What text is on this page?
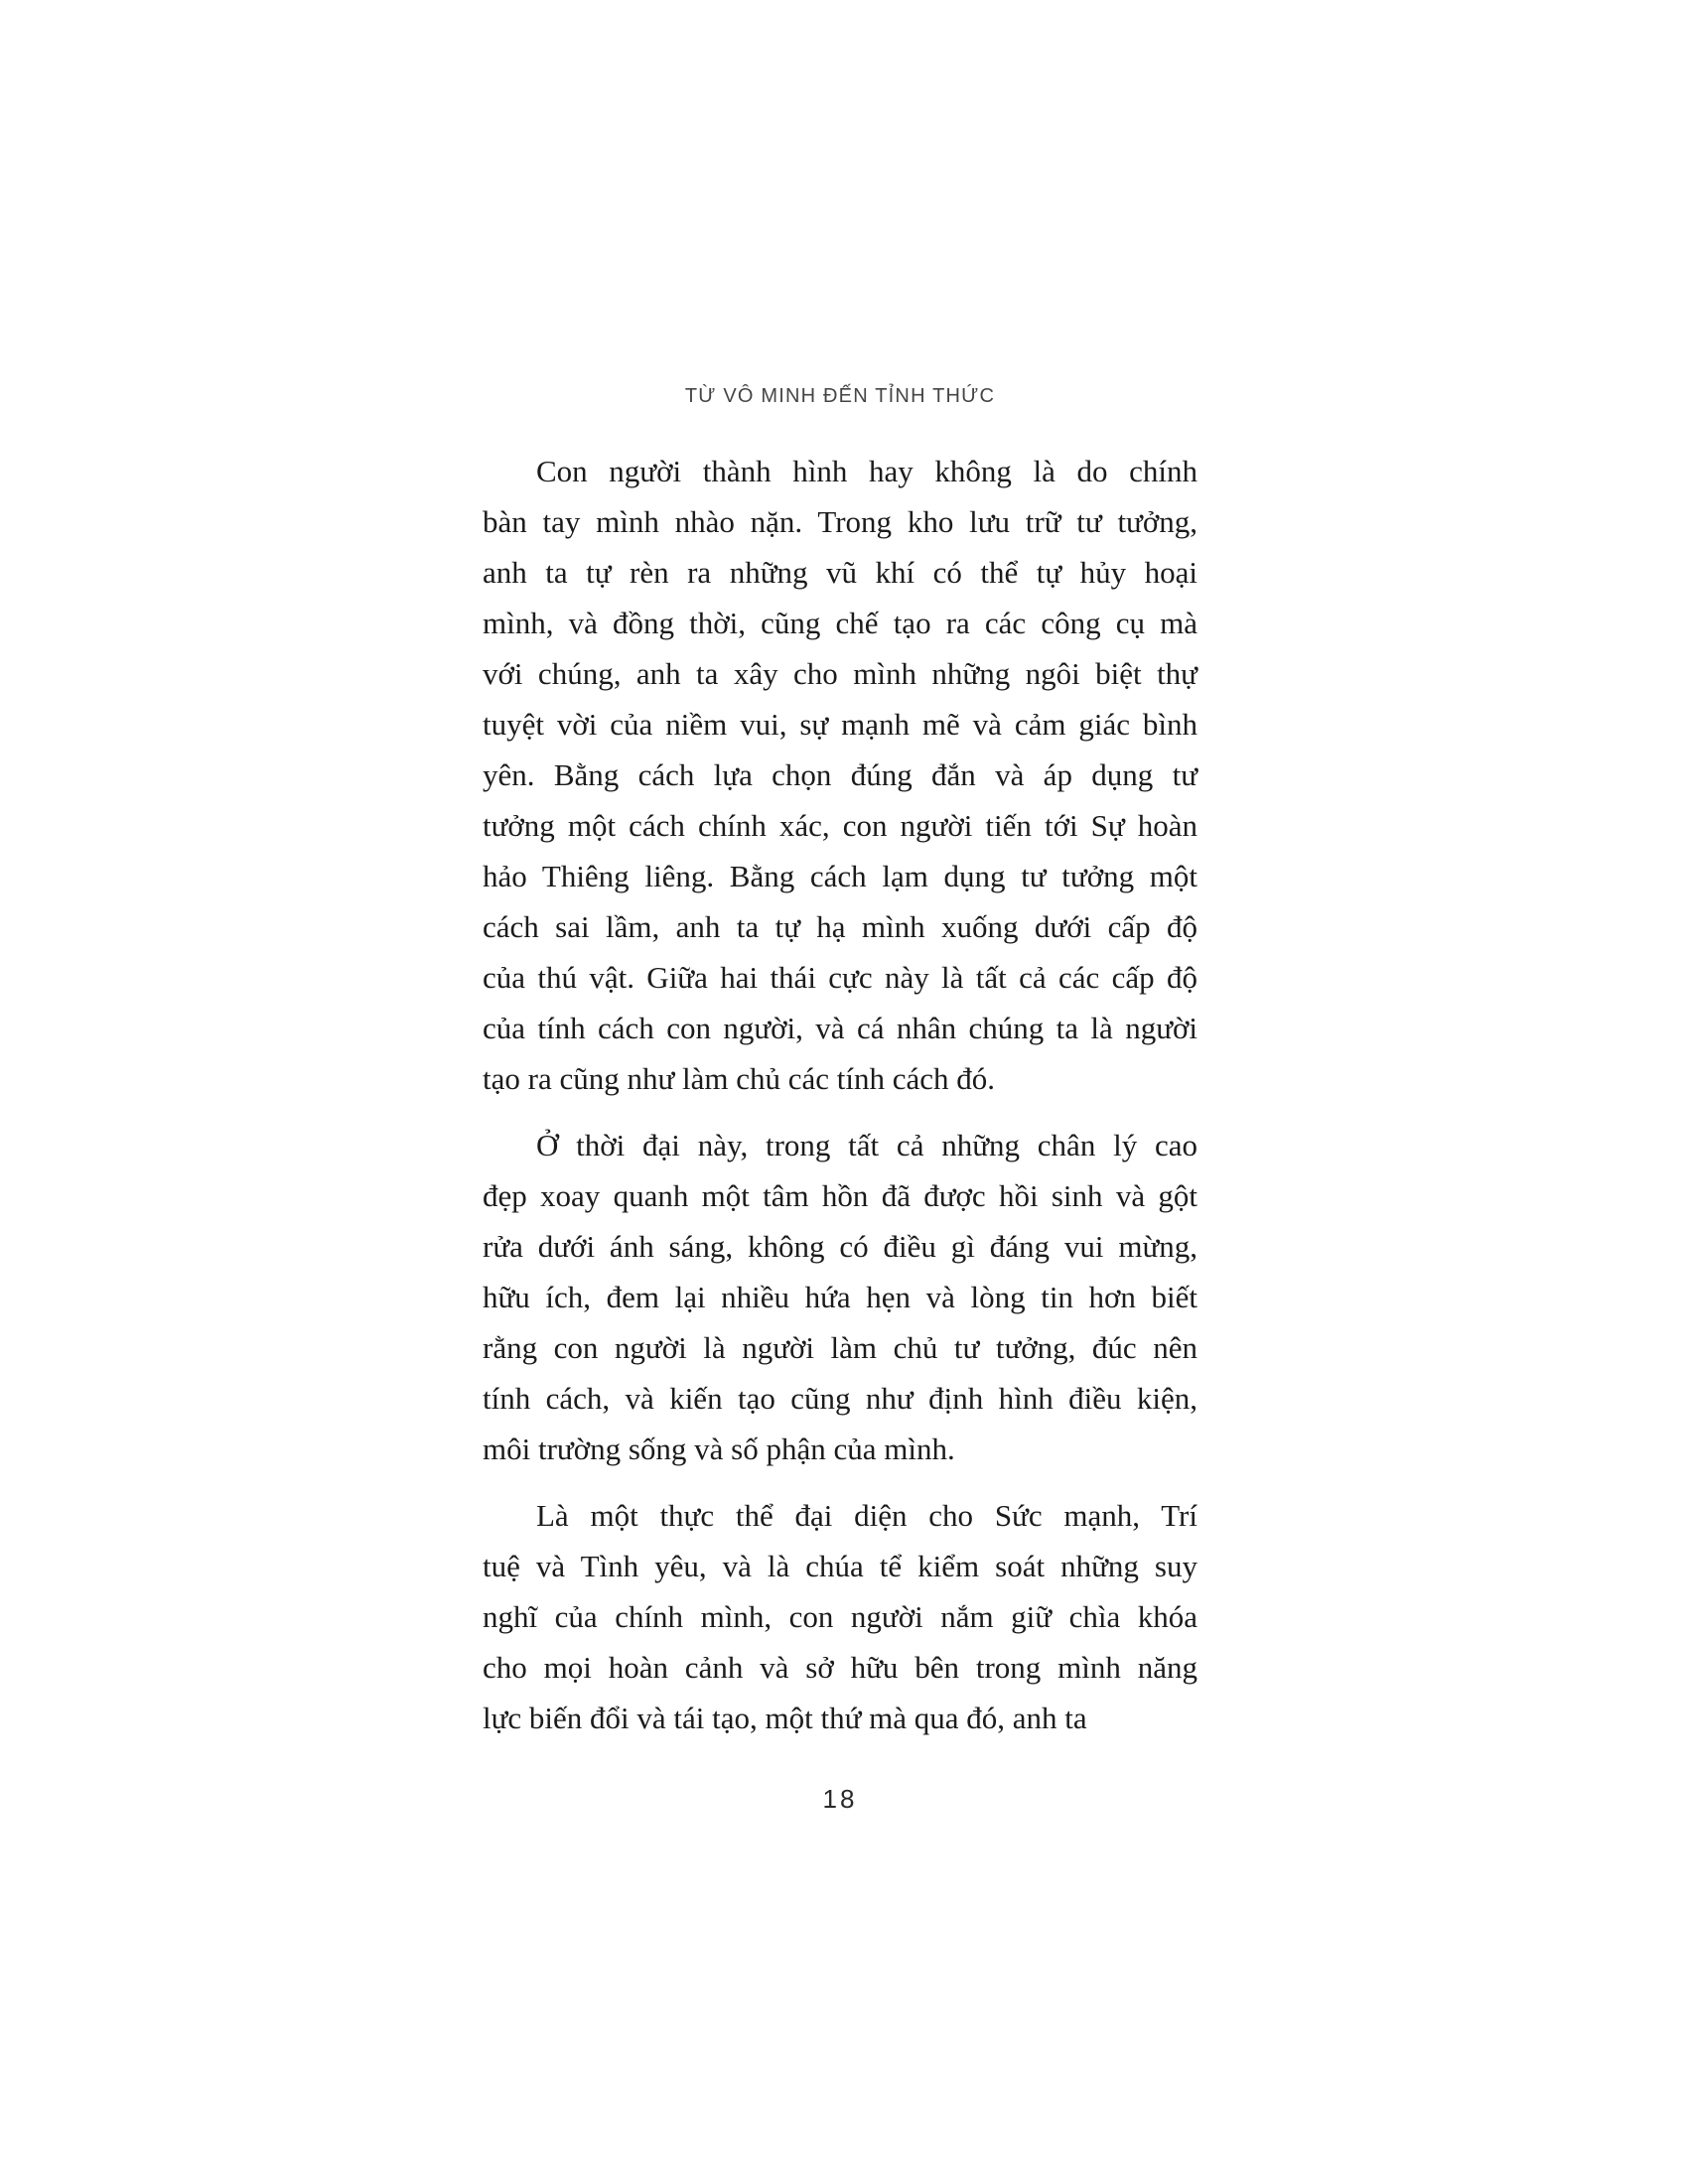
TỪ VÔ MINH ĐẾN TỈNH THỨC

Con người thành hình hay không là do chính
bàn tay mình nhào nặn. Trong kho lưu trữ tư tưởng,
anh ta tự rèn ra những vũ khí có thể tự hủy hoại
mình, và đồng thời, cũng chế tạo ra các công cụ mà
với chúng, anh ta xây cho mình những ngôi biệt thự
tuyệt vời của niềm vui, sự mạnh mẽ và cảm giác bình
yên. Bằng cách lựa chọn đúng đắn và áp dụng tư
tưởng một cách chính xác, con người tiến tới Sự hoàn
hảo Thiêng liêng. Bằng cách lạm dụng tư tưởng một
cách sai lầm, anh ta tự hạ mình xuống dưới cấp độ
của thú vật. Giữa hai thái cực này là tất cả các cấp độ
của tính cách con người, và cá nhân chúng ta là người
tạo ra cũng như làm chủ các tính cách đó.

Ở thời đại này, trong tất cả những chân lý cao
đẹp xoay quanh một tâm hồn đã được hồi sinh và gột
rửa dưới ánh sáng, không có điều gì đáng vui mừng,
hữu ích, đem lại nhiều hứa hẹn và lòng tin hơn biết
rằng con người là người làm chủ tư tưởng, đúc nên
tính cách, và kiến tạo cũng như định hình điều kiện,
môi trường sống và số phận của mình.

Là một thực thể đại diện cho Sức mạnh, Trí
tuệ và Tình yêu, và là chúa tể kiểm soát những suy
nghĩ của chính mình, con người nắm giữ chìa khóa
cho mọi hoàn cảnh và sở hữu bên trong mình năng
lực biến đổi và tái tạo, một thứ mà qua đó, anh ta

18
